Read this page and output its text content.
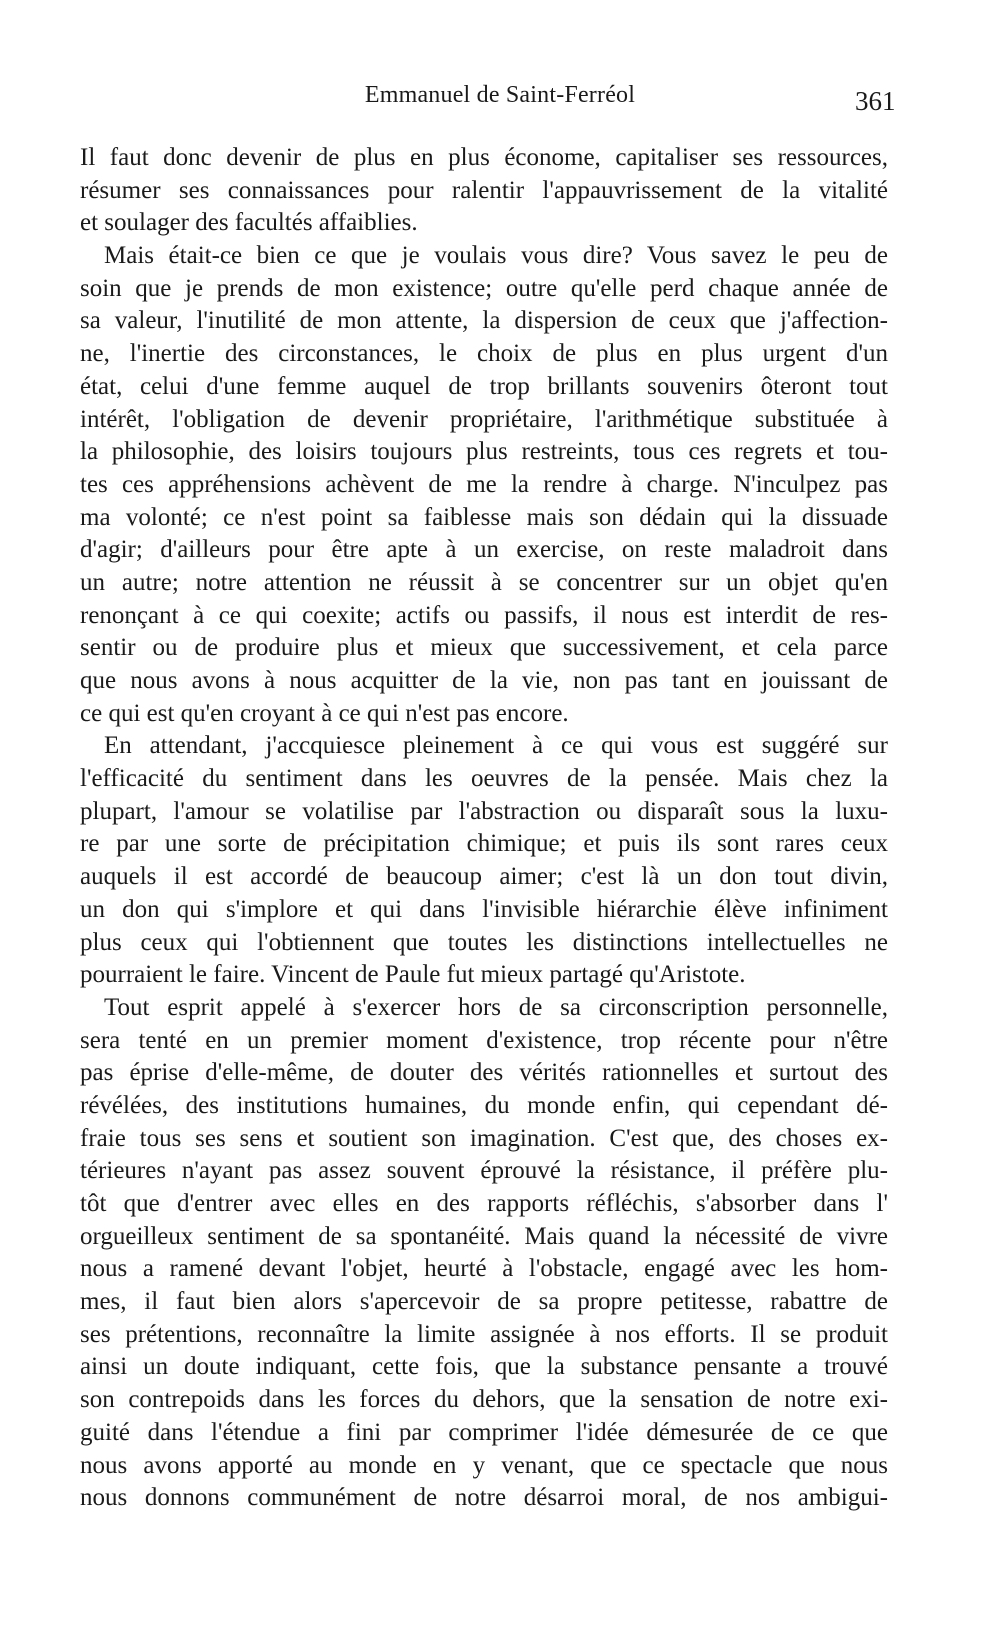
Emmanuel de Saint-Ferréol	361
Il faut donc devenir de plus en plus économe, capitaliser ses ressources,
résumer ses connaissances pour ralentir l'appauvrissement de la vitalité
et soulager des facultés affaiblies.
Mais était-ce bien ce que je voulais vous dire? Vous savez le peu de
soin que je prends de mon existence; outre qu'elle perd chaque année de
sa valeur, l'inutilité de mon attente, la dispersion de ceux que j'affection-
ne, l'inertie des circonstances, le choix de plus en plus urgent d'un
état, celui d'une femme auquel de trop brillants souvenirs ôteront tout
intérêt, l'obligation de devenir propriétaire, l'arithmétique substituée à
la philosophie, des loisirs toujours plus restreints, tous ces regrets et tou-
tes ces appréhensions achèvent de me la rendre à charge. N'inculpez pas
ma volonté; ce n'est point sa faiblesse mais son dédain qui la dissuade
d'agir; d'ailleurs pour être apte à un exercise, on reste maladroit dans
un autre; notre attention ne réussit à se concentrer sur un objet qu'en
renonçant à ce qui coexite; actifs ou passifs, il nous est interdit de res-
sentir ou de produire plus et mieux que successivement, et cela parce
que nous avons à nous acquitter de la vie, non pas tant en jouissant de
ce qui est qu'en croyant à ce qui n'est pas encore.
En attendant, j'accquiesce pleinement à ce qui vous est suggéré sur
l'efficacité du sentiment dans les oeuvres de la pensée. Mais chez la
plupart, l'amour se volatilise par l'abstraction ou disparaît sous la luxu-
re par une sorte de précipitation chimique; et puis ils sont rares ceux
auquels il est accordé de beaucoup aimer; c'est là un don tout divin,
un don qui s'implore et qui dans l'invisible hiérarchie élève infiniment
plus ceux qui l'obtiennent que toutes les distinctions intellectuelles ne
pourraient le faire. Vincent de Paule fut mieux partagé qu'Aristote.
Tout esprit appelé à s'exercer hors de sa circonscription personnelle,
sera tenté en un premier moment d'existence, trop récente pour n'être
pas éprise d'elle-même, de douter des vérités rationnelles et surtout des
révélées, des institutions humaines, du monde enfin, qui cependant dé-
fraie tous ses sens et soutient son imagination. C'est que, des choses ex-
térieures n'ayant pas assez souvent éprouvé la résistance, il préfère plu-
tôt que d'entrer avec elles en des rapports réfléchis, s'absorber dans l'
orgueilleux sentiment de sa spontanéité. Mais quand la nécessité de vivre
nous a ramené devant l'objet, heurté à l'obstacle, engagé avec les hom-
mes, il faut bien alors s'apercevoir de sa propre petitesse, rabattre de
ses prétentions, reconnaître la limite assignée à nos efforts. Il se produit
ainsi un doute indiquant, cette fois, que la substance pensante a trouvé
son contrepoids dans les forces du dehors, que la sensation de notre exi-
guité dans l'étendue a fini par comprimer l'idée démesurée de ce que
nous avons apporté au monde en y venant, que ce spectacle que nous
nous donnons communément de notre désarroi moral, de nos ambigui-
